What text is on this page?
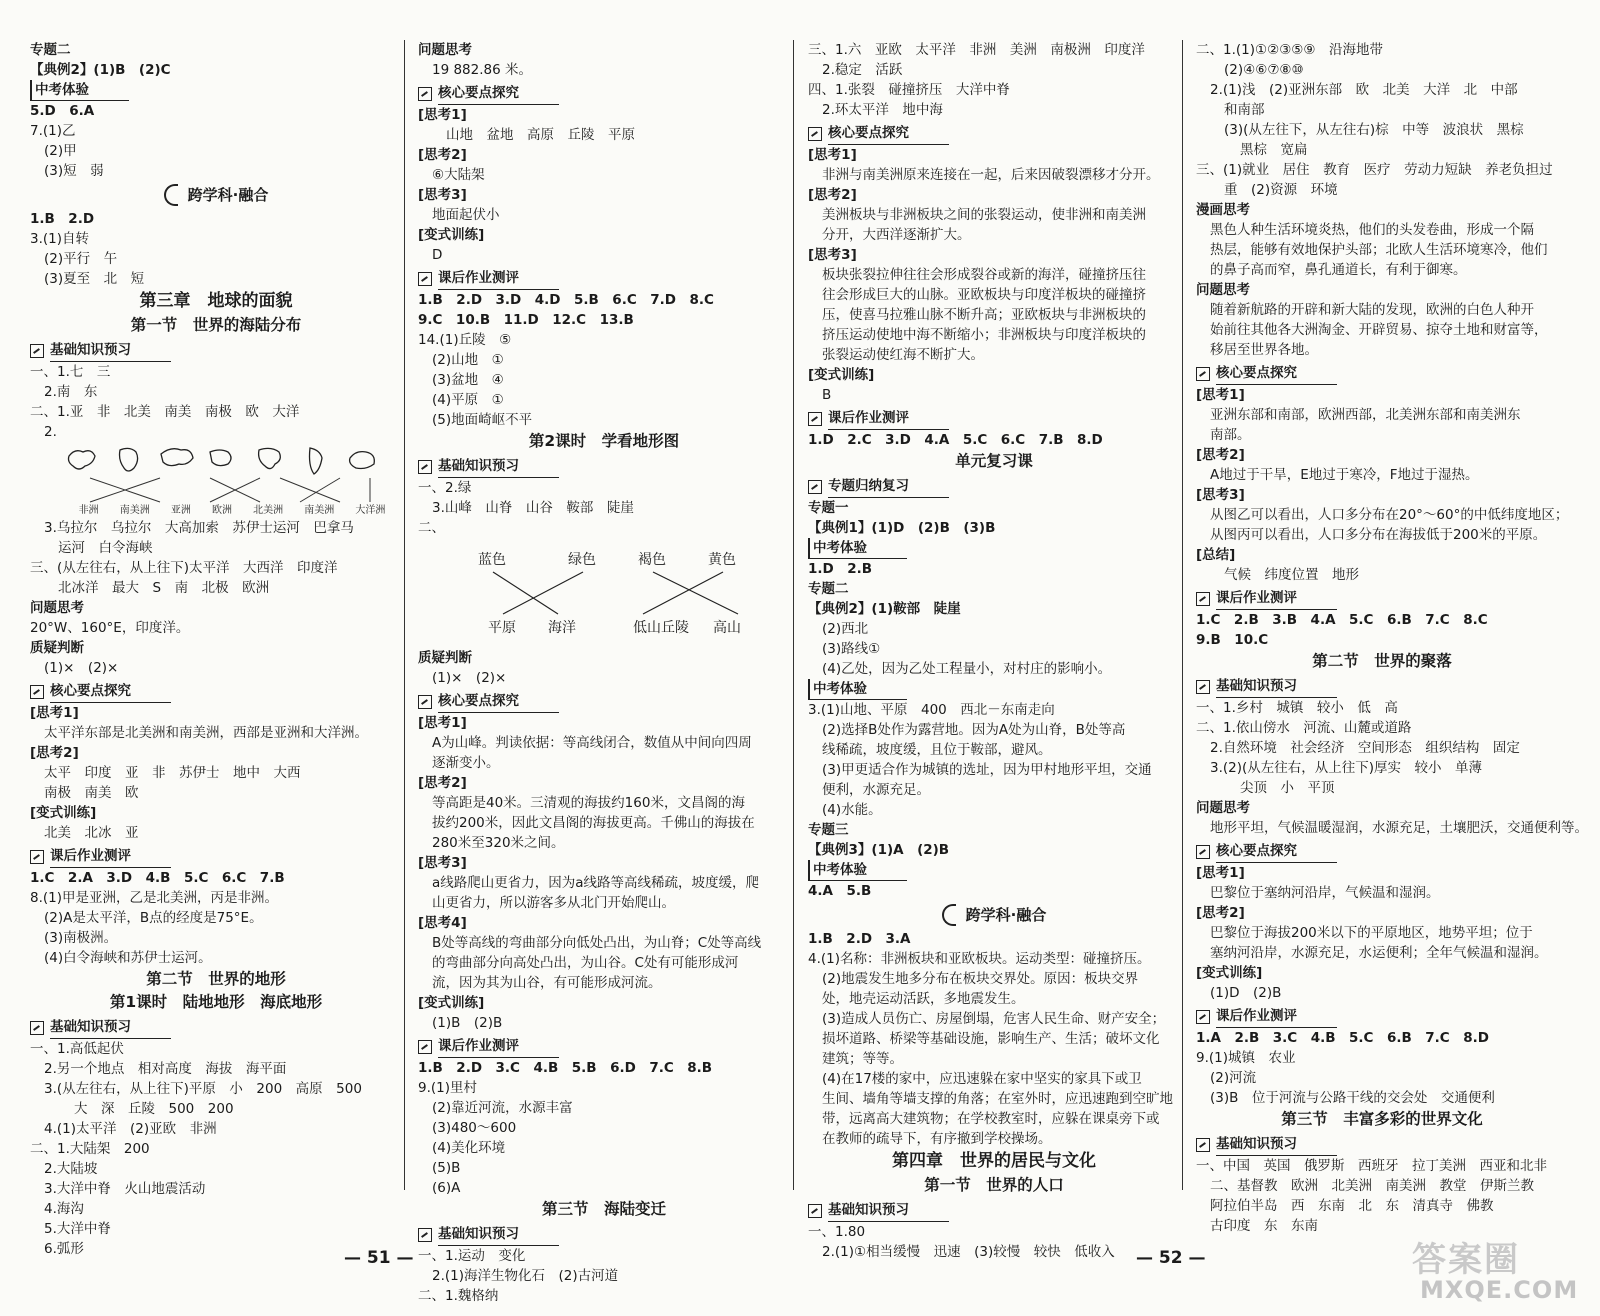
专题二
【典例2】(1)B　(2)C
中考体验
5.D　6.A
7.(1)乙
(2)甲
(3)短　弱
跨学科·融合
1.B　2.D
3.(1)自转
(2)平行　午
(3)夏至　北　短
第三章　地球的面貌
第一节　世界的海陆分布
基础知识预习
一、1.七　三
2.南　东
二、1.亚　非　北美　南美　南极　欧　大洋
2.
非洲 南美洲 亚洲 欧洲 北美洲 南美洲 大洋洲
3.乌拉尔　乌拉尔　大高加索　苏伊士运河　巴拿马
运河　白令海峡
三、(从左往右，从上往下)太平洋　大西洋　印度洋
北冰洋　最大　S　南　北极　欧洲
问题思考
20°W、160°E，印度洋。
质疑判断
(1)×　(2)×
核心要点探究
[思考1]
太平洋东部是北美洲和南美洲，西部是亚洲和大洋洲。
[思考2]
太平　印度　亚　非　苏伊士　地中　大西
南极　南美　欧
[变式训练]
北美　北冰　亚
课后作业测评
1.C　2.A　3.D　4.B　5.C　6.C　7.B
8.(1)甲是亚洲，乙是北美洲，丙是非洲。
(2)A是太平洋，B点的经度是75°E。
(3)南极洲。
(4)白令海峡和苏伊士运河。
第二节　世界的地形
第1课时　陆地地形　海底地形
基础知识预习
一、1.高低起伏
2.另一个地点　相对高度　海拔　海平面
3.(从左往右，从上往下)平原　小　200　高原　500
大　深　丘陵　500　200
4.(1)太平洋　(2)亚欧　非洲
二、1.大陆架　200
2.大陆坡
3.大洋中脊　火山地震活动
4.海沟
5.大洋中脊
6.弧形
问题思考
19 882.86 米。
核心要点探究
[思考1]
山地　盆地　高原　丘陵　平原
[思考2]
⑥大陆架
[思考3]
地面起伏小
[变式训练]
D
课后作业测评
1.B　2.D　3.D　4.D　5.B　6.C　7.D　8.C
9.C　10.B　11.D　12.C　13.B
14.(1)丘陵　⑤
(2)山地　①
(3)盆地　④
(4)平原　①
(5)地面崎岖不平
第2课时　学看地形图
基础知识预习
一、2.绿
3.山峰　山脊　山谷　鞍部　陡崖
二、
蓝色	绿色	褐色	黄色
平原 海洋	低山丘陵 高山
质疑判断
(1)×　(2)×
核心要点探究
[思考1]
A为山峰。判读依据：等高线闭合，数值从中间向四周
逐渐变小。
[思考2]
等高距是40米。三清观的海拔约160米，文昌阁的海
拔约200米，因此文昌阁的海拔更高。千佛山的海拔在
280米至320米之间。
[思考3]
a线路爬山更省力，因为a线路等高线稀疏，坡度缓，爬
山更省力，所以游客多从北门开始爬山。
[思考4]
B处等高线的弯曲部分向低处凸出，为山脊；C处等高线
的弯曲部分向高处凸出，为山谷。C处有可能形成河
流，因为其为山谷，有可能形成河流。
[变式训练]
(1)B　(2)B
课后作业测评
1.B　2.D　3.C　4.B　5.B　6.D　7.C　8.B
9.(1)里村
(2)靠近河流，水源丰富
(3)480～600
(4)美化环境
(5)B
(6)A
第三节　海陆变迁
基础知识预习
一、1.运动　变化
2.(1)海洋生物化石　(2)古河道
二、1.魏格纳
三、1.六　亚欧　太平洋　非洲　美洲　南极洲　印度洋
2.稳定　活跃
四、1.张裂　碰撞挤压　大洋中脊
2.环太平洋　地中海
核心要点探究
[思考1]
非洲与南美洲原来连接在一起，后来因破裂漂移才分开。
[思考2]
美洲板块与非洲板块之间的张裂运动，使非洲和南美洲
分开，大西洋逐渐扩大。
[思考3]
板块张裂拉伸往往会形成裂谷或新的海洋，碰撞挤压往
往会形成巨大的山脉。亚欧板块与印度洋板块的碰撞挤
压，使喜马拉雅山脉不断升高；亚欧板块与非洲板块的
挤压运动使地中海不断缩小；非洲板块与印度洋板块的
张裂运动使红海不断扩大。
[变式训练]
B
课后作业测评
1.D　2.C　3.D　4.A　5.C　6.C　7.B　8.D
单元复习课
专题归纳复习
专题一
【典例1】(1)D　(2)B　(3)B
中考体验
1.D　2.B
专题二
【典例2】(1)鞍部　陡崖
(2)西北
(3)路线①
(4)乙处，因为乙处工程量小，对村庄的影响小。
中考体验
3.(1)山地、平原　400　西北－东南走向
(2)选择B处作为露营地。因为A处为山脊，B处等高
线稀疏，坡度缓，且位于鞍部，避风。
(3)甲更适合作为城镇的选址，因为甲村地形平坦，交通
便利，水源充足。
(4)水能。
专题三
【典例3】(1)A　(2)B
中考体验
4.A　5.B
跨学科·融合
1.B　2.D　3.A
4.(1)名称：非洲板块和亚欧板块。运动类型：碰撞挤压。
(2)地震发生地多分布在板块交界处。原因：板块交界
处，地壳运动活跃，多地震发生。
(3)造成人员伤亡、房屋倒塌，危害人民生命、财产安全；
损坏道路、桥梁等基础设施，影响生产、生活；破坏文化
建筑；等等。
(4)在17楼的家中，应迅速躲在家中坚实的家具下或卫
生间、墙角等墙支撑的角落；在室外时，应迅速跑到空旷地
带，远离高大建筑物；在学校教室时，应躲在课桌旁下或
在教师的疏导下，有序撤到学校操场。
第四章　世界的居民与文化
第一节　世界的人口
基础知识预习
一、1.80
2.(1)①相当缓慢　迅速　(3)较慢　较快　低收入
二、1.(1)①②③⑤⑨　沿海地带
(2)④⑥⑦⑧⑩
2.(1)浅　(2)亚洲东部　欧　北美　大洋　北　中部
和南部
(3)(从左往下，从左往右)棕　中等　波浪状　黑棕
黑棕　宽扁
三、(1)就业　居住　教育　医疗　劳动力短缺　养老负担过
重　(2)资源　环境
漫画思考
黑色人种生活环境炎热，他们的头发卷曲，形成一个隔
热层，能够有效地保护头部；北欧人生活环境寒冷，他们
的鼻子高而窄，鼻孔通道长，有利于御寒。
问题思考
随着新航路的开辟和新大陆的发现，欧洲的白色人种开
始前往其他各大洲淘金、开辟贸易、掠夺土地和财富等，
移居至世界各地。
核心要点探究
[思考1]
亚洲东部和南部，欧洲西部，北美洲东部和南美洲东
南部。
[思考2]
A地过于干旱，E地过于寒冷，F地过于湿热。
[思考3]
从图乙可以看出，人口多分布在20°～60°的中低纬度地区；
从图丙可以看出，人口多分布在海拔低于200米的平原。
[总结]
气候　纬度位置　地形
课后作业测评
1.C　2.B　3.B　4.A　5.C　6.B　7.C　8.C
9.B　10.C
第二节　世界的聚落
基础知识预习
一、1.乡村　城镇　较小　低　高
二、1.依山傍水　河流、山麓或道路
2.自然环境　社会经济　空间形态　组织结构　固定
3.(2)(从左往右，从上往下)厚实　较小　单薄
尖顶　小　平顶
问题思考
地形平坦，气候温暖湿润，水源充足，土壤肥沃，交通便利等。
核心要点探究
[思考1]
巴黎位于塞纳河沿岸，气候温和湿润。
[思考2]
巴黎位于海拔200米以下的平原地区，地势平坦；位于
塞纳河沿岸，水源充足，水运便利；全年气候温和湿润。
[变式训练]
(1)D　(2)B
课后作业测评
1.A　2.B　3.C　4.B　5.C　6.B　7.C　8.D
9.(1)城镇　农业
(2)河流
(3)B　位于河流与公路干线的交会处　交通便利
第三节　丰富多彩的世界文化
基础知识预习
一、中国　英国　俄罗斯　西班牙　拉丁美洲　西亚和北非
二、基督教　欧洲　北美洲　南美洲　教堂　伊斯兰教
阿拉伯半岛　西　东南　北　东　清真寺　佛教
古印度　东　东南
— 51 —	— 52 —	答案圈
MXQE.COM
